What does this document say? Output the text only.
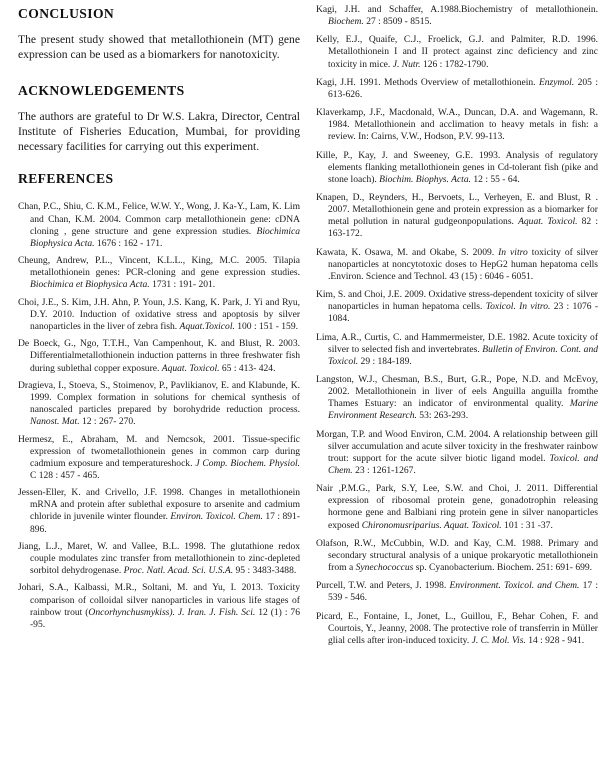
CONCLUSION

The present study showed that metallothionein (MT) gene expression can be used as a biomarkers for nanotoxicity.

ACKNOWLEDGEMENTS

The authors are grateful to Dr W.S. Lakra, Director, Central Institute of Fisheries Education, Mumbai, for providing necessary facilities for carrying out this experiment.

REFERENCES

Chan, P.C., Shiu, C. K.M., Felice, W.W. Y., Wong, J. Ka-Y., Lam, K. Lim and Chan, K.M. 2004. Common carp metallothionein gene: cDNA cloning , gene structure and gene expression studies. Biochimica Biophysica Acta. 1676 : 162 - 171.

Cheung, Andrew, P.L., Vincent, K.L.L., King, M.C. 2005. Tilapia metallothionein genes: PCR-cloning and gene expression studies. Biochimica et Biophysica Acta. 1731 : 191- 201.

Choi, J.E., S. Kim, J.H. Ahn, P. Youn, J.S. Kang, K. Park, J. Yi and Ryu, D.Y. 2010. Induction of oxidative stress and apoptosis by silver nanoparticles in the liver of zebra fish. Aquat.Toxicol. 100 : 151 - 159.

De Boeck, G., Ngo, T.T.H., Van Campenhout, K. and Blust, R. 2003. Differentialmetallothionein induction patterns in three freshwater fish during sublethal copper exposure. Aquat. Toxicol. 65 : 413- 424.

Dragieva, I., Stoeva, S., Stoimenov, P., Pavlikianov, E. and Klabunde, K. 1999. Complex formation in solutions for chemical synthesis of nanoscaled particles prepared by borohydride reduction process. Nanost. Mat. 12 : 267- 270.

Hermesz, E., Abraham, M. and Nemcsok, 2001. Tissue-specific expression of twometallothionein genes in common carp during cadmium exposure and temperatureshock. J Comp. Biochem. Physiol. C 128 : 457 - 465.

Jessen-Eller, K. and Crivello, J.F. 1998. Changes in metallothionein mRNA and protein after sublethal exposure to arsenite and cadmium chloride in juvenile winter flounder. Environ. Toxicol. Chem. 17 : 891-896.

Jiang, L.J., Maret, W. and Vallee, B.L. 1998. The glutathione redox couple modulates zinc transfer from metallothionein to zinc-depleted sorbitol dehydrogenase. Proc. Natl. Acad. Sci. U.S.A. 95 : 3483-3488.

Johari, S.A., Kalbassi, M.R., Soltani, M. and Yu, I. 2013. Toxicity comparison of colloidal silver nanoparticles in various life stages of rainbow trout (Oncorhynchusmykiss). J. Iran. J. Fish. Sci. 12 (1) : 76 -95.

Kagi, J.H. and Schaffer, A.1988.Biochemistry of metallothionein. Biochem. 27 : 8509 - 8515.

Kelly, E.J., Quaife, C.J., Froelick, G.J. and Palmiter, R.D. 1996. Metallothionein I and II protect against zinc deficiency and zinc toxicity in mice. J. Nutr. 126 : 1782-1790.

Kagi, J.H. 1991. Methods Overview of metallothionein. Enzymol. 205 : 613-626.

Klaverkamp, J.F., Macdonald, W.A., Duncan, D.A. and Wagemann, R. 1984. Metallothionein and acclimation to heavy metals in fish: a review. In: Cairns, V.W., Hodson, P.V. 99-113.

Kille, P., Kay, J. and Sweeney, G.E. 1993. Analysis of regulatory elements flanking metallothionein genes in Cd-tolerant fish (pike and stone loach). Biochim. Biophys. Acta. 12 : 55 - 64.

Knapen, D., Reynders, H., Bervoets, L., Verheyen, E. and Blust, R . 2007. Metallothionein gene and protein expression as a biomarker for metal pollution in natural gudgeonpopulations. Aquat. Toxicol. 82 : 163-172.

Kawata, K. Osawa, M. and Okabe, S. 2009. In vitro toxicity of silver nanoparticles at noncytotoxic doses to HepG2 human hepatoma cells .Environ. Science and Technol. 43 (15) : 6046 - 6051.

Kim, S. and Choi, J.E. 2009. Oxidative stress-dependent toxicity of silver nanoparticles in human hepatoma cells. Toxicol. In vitro. 23 : 1076 - 1084.

Lima, A.R., Curtis, C. and Hammermeister, D.E. 1982. Acute toxicity of silver to selected fish and invertebrates. Bulletin of Environ. Cont. and Toxicol. 29 : 184-189.

Langston, W.J., Chesman, B.S., Burt, G.R., Pope, N.D. and McEvoy, 2002. Metallothionein in liver of eels Anguilla anguilla fromthe Thames Estuary: an indicator of environmental quality. Marine Environment Research. 53: 263-293.

Morgan, T.P. and Wood Environ, C.M. 2004. A relationship between gill silver accumulation and acute silver toxicity in the freshwater rainbow trout: support for the acute silver biotic ligand model. Toxicol. and Chem. 23 : 1261-1267.

Nair ,P.M.G., Park, S.Y, Lee, S.W. and Choi, J. 2011. Differential expression of ribosomal protein gene, gonadotrophin releasing hormone gene and Balbiani ring protein gene in silver nanoparticles exposed Chironomusriparius. Aquat. Toxicol. 101 : 31 -37.

Olafson, R.W., McCubbin, W.D. and Kay, C.M. 1988. Primary and secondary structural analysis of a unique prokaryotic metallothionein from a Synechococcus sp. Cyanobacterium. Biochem. 251: 691- 699.

Purcell, T.W. and Peters, J. 1998. Environment. Toxicol. and Chem. 17 : 539 - 546.

Picard, E., Fontaine, I., Jonet, L., Guillou, F., Behar Cohen, F. and Courtois, Y., Jeanny, 2008. The protective role of transferrin in Müller glial cells after iron-induced toxicity. J. C. Mol. Vis. 14 : 928 - 941.
